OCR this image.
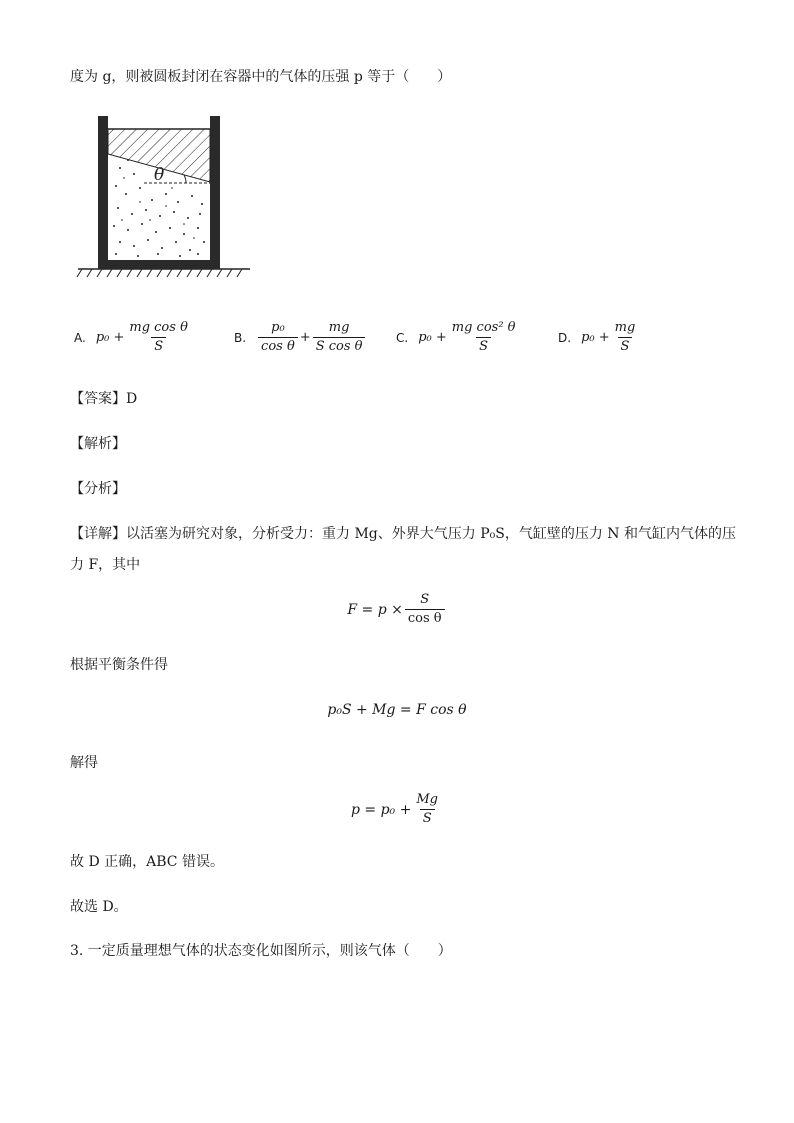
度为 g，则被圆板封闭在容器中的气体的压强 p 等于（　　）
θ
A. $p_0 + \frac{\text{mg cos θ}}{S}$	B. $\frac{\text{p₀}}{\text{cos θ}} + \frac{mg}{\text{S cos θ}}$	C. $p_0 + \frac{\text{mg cos² θ}}{S}$	D. $p_0 + \frac{mg}{S}$
【答案】D
【解析】
【分析】
【详解】以活塞为研究对象，分析受力：重力 Mg、外界大气压力 P₀S，气缸壁的压力 N 和气缸内气体的压
力 F，其中
$F = p \times \frac{S}{\text{cos θ}}$
根据平衡条件得
p₀S + Mg = F cos θ
解得
$p = p_0 + \frac{Mg}{S}$
故 D 正确，ABC 错误。
故选 D。
3. 一定质量理想气体的状态变化如图所示，则该气体（　　）
